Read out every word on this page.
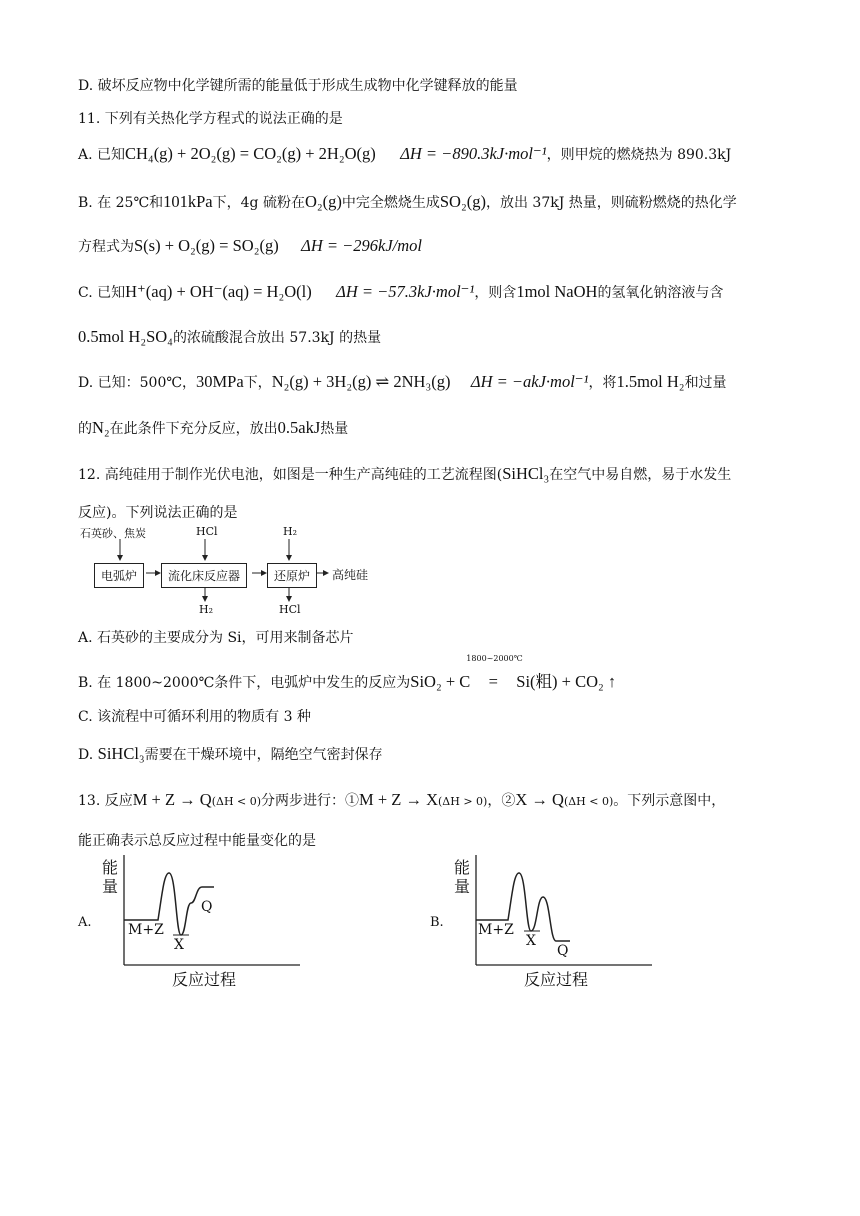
D. 破坏反应物中化学键所需的能量低于形成生成物中化学键释放的能量
11. 下列有关热化学方程式的说法正确的是
A. 已知CH₄(g) + 2O₂(g) = CO₂(g) + 2H₂O(g) ΔH = −890.3kJ·mol⁻¹，则甲烷的燃烧热为 890.3kJ
B. 在 25℃和101kPa下，4g 硫粉在O₂(g)中完全燃烧生成SO₂(g)，放出 37kJ 热量，则硫粉燃烧的热化学
方程式为S(s) + O₂(g) = SO₂(g) ΔH = −296kJ/mol
C. 已知H⁺(aq) + OH⁻(aq) = H₂O(l) ΔH = −57.3kJ·mol⁻¹，则含1mol NaOH的氢氧化钠溶液与含
0.5mol H₂SO₄的浓硫酸混合放出 57.3kJ 的热量
D. 已知：500℃，30MPa下，N₂(g) + 3H₂(g) ⇌ 2NH₃(g) ΔH = −akJ·mol⁻¹，将1.5mol H₂和过量
的N₂在此条件下充分反应，放出0.5akJ热量
12. 高纯硅用于制作光伏电池，如图是一种生产高纯硅的工艺流程图(SiHCl₃在空气中易自燃，易于水发生
反应)。下列说法正确的是
石英砂、焦炭	HCl	H₂
电弧炉	流化床反应器	还原炉	高纯硅
H₂	HCl
A. 石英砂的主要成分为 Si，可用来制备芯片
B. 在 1800~2000℃条件下，电弧炉中发生的反应为SiO₂ + C
1800~2000℃
= Si(粗) + CO₂ ↑
C. 该流程中可循环利用的物质有 3 种
D. SiHCl₃需要在干燥环境中，隔绝空气密封保存
13. 反应M + Z → Q(ΔH < 0)分两步进行：①M + Z → X(ΔH > 0)，②X → Q(ΔH < 0)。下列示意图中，
能正确表示总反应过程中能量变化的是
A.
能
量
M+Z
X
Q
反应过程
B.
能
量
M+Z
X
Q
反应过程
